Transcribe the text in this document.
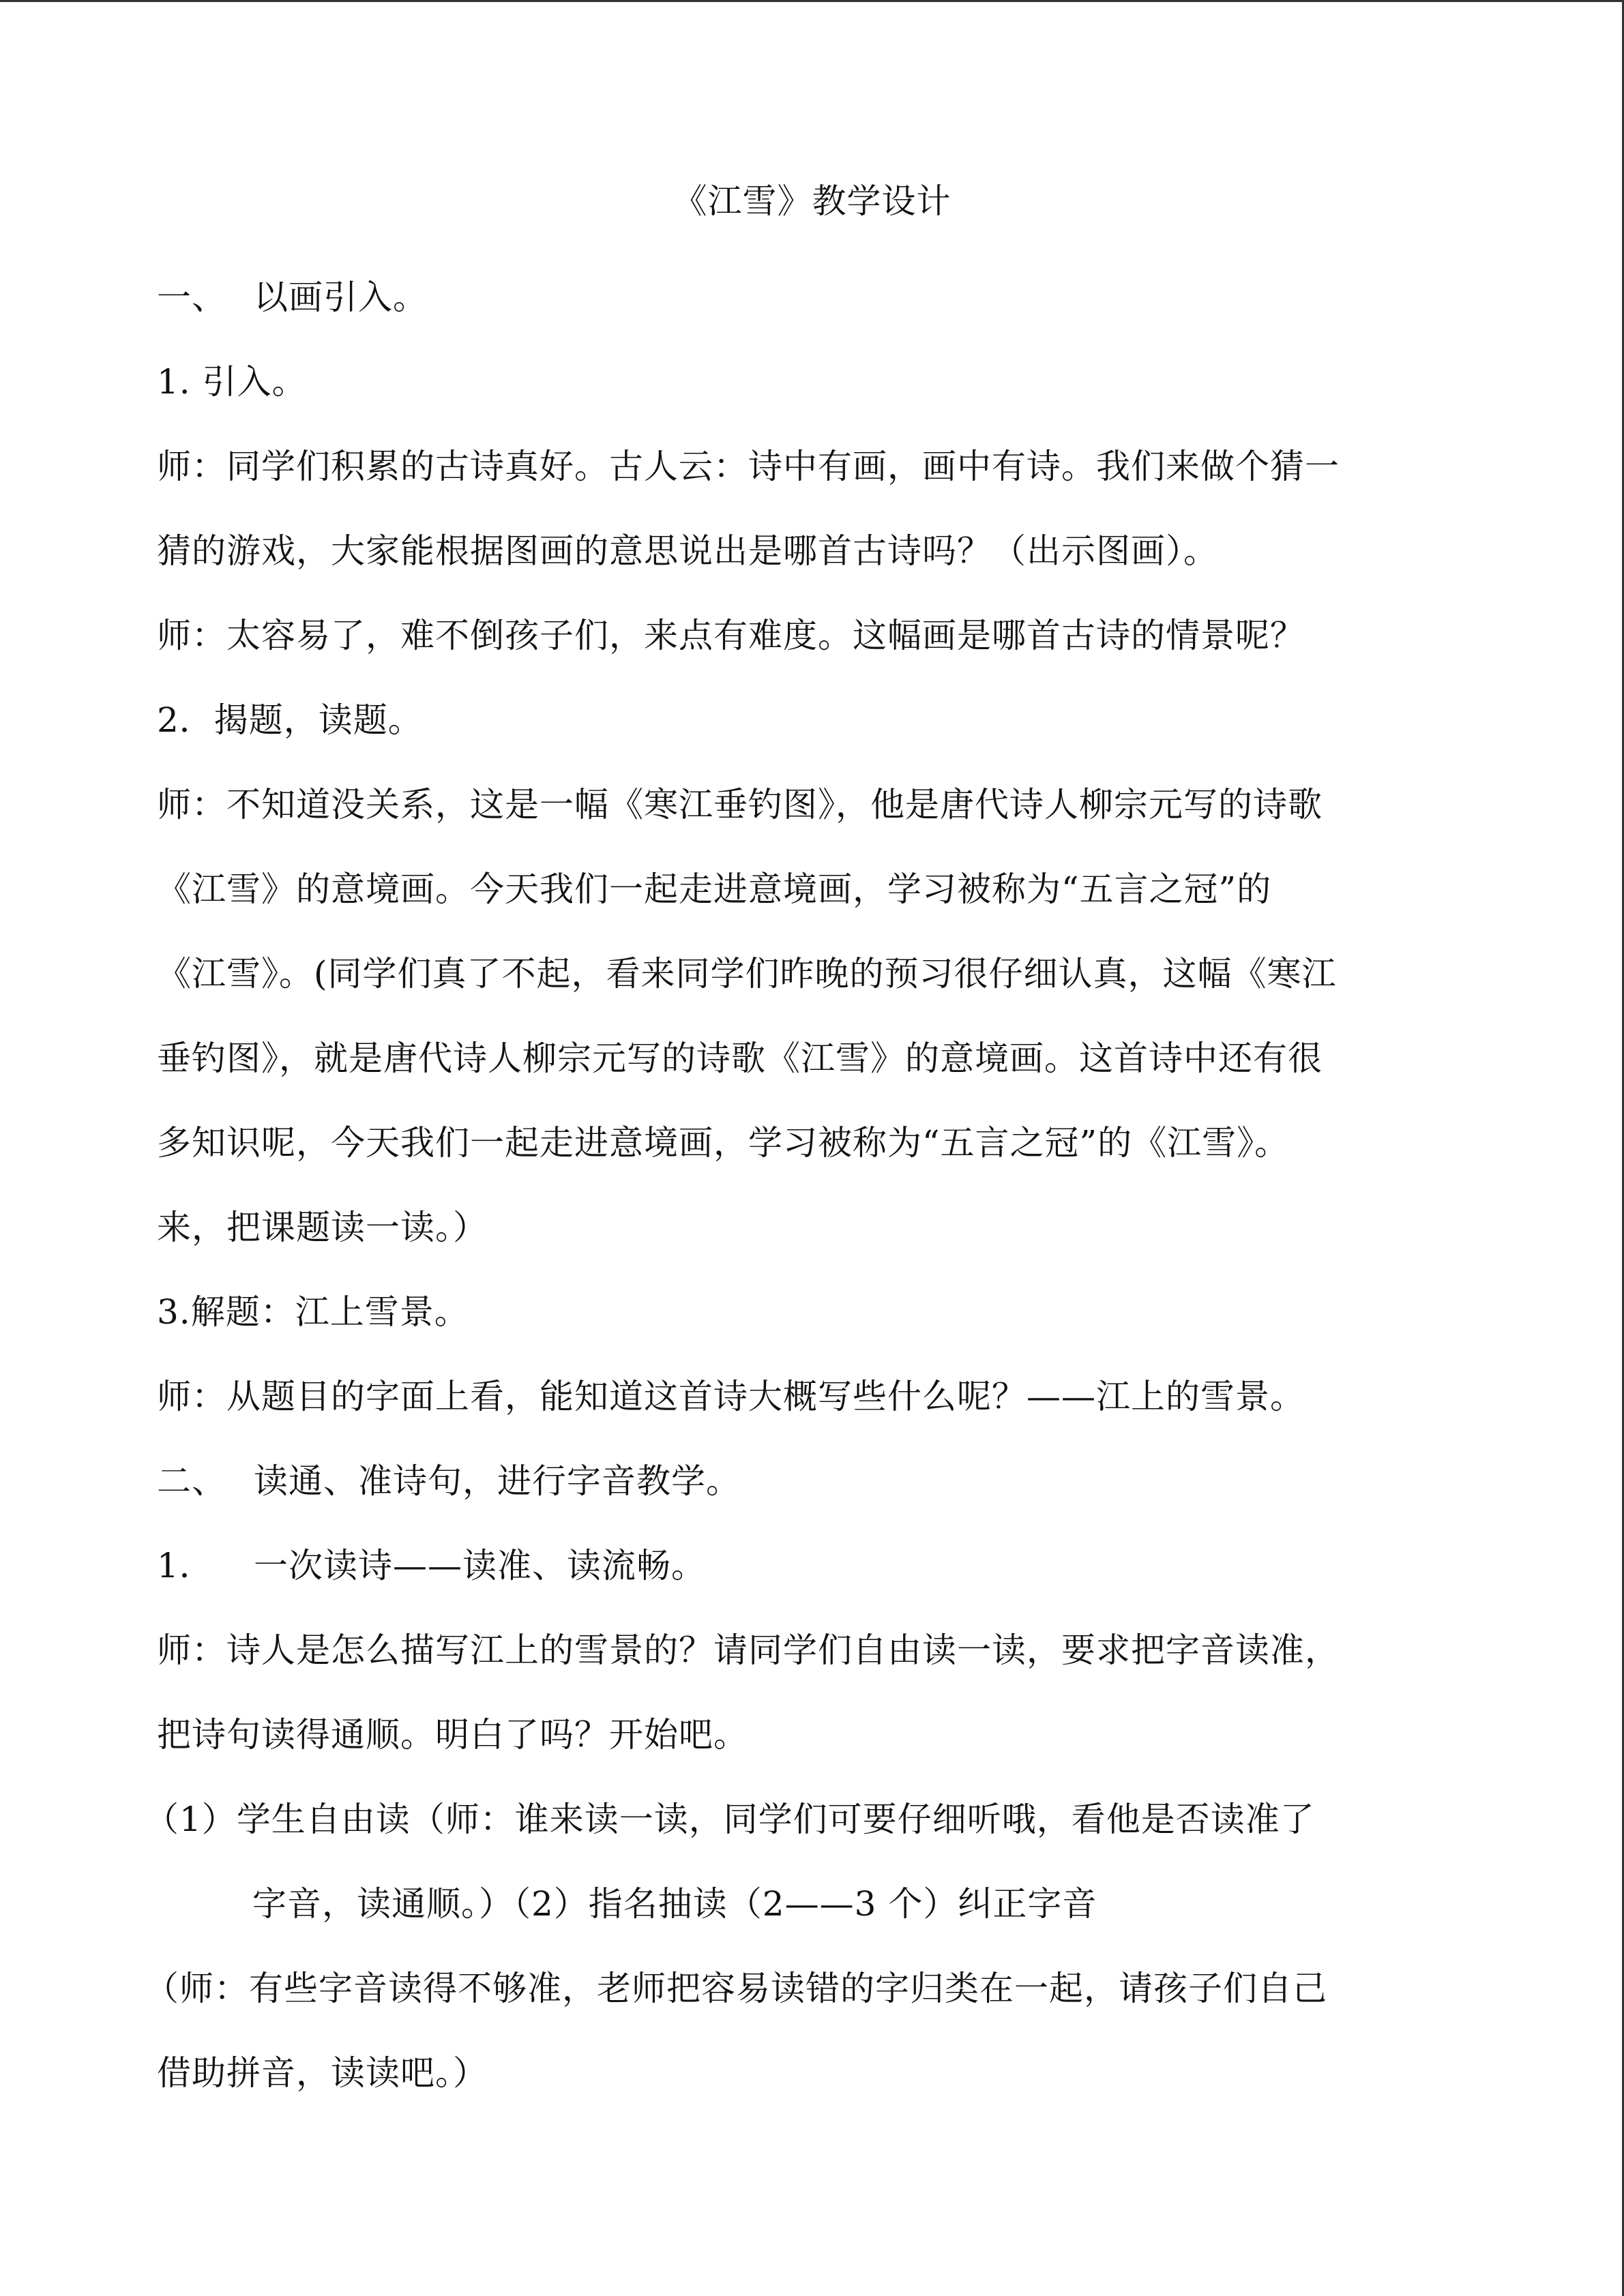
《江雪》教学设计
一、 以画引入。
1. 引入。
师：同学们积累的古诗真好。古人云：诗中有画，画中有诗。我们来做个猜一
猜的游戏，大家能根据图画的意思说出是哪首古诗吗？（出示图画）。
师：太容易了，难不倒孩子们，来点有难度。这幅画是哪首古诗的情景呢？
2．揭题，读题。
师：不知道没关系，这是一幅《寒江垂钓图》，他是唐代诗人柳宗元写的诗歌
《江雪》的意境画。今天我们一起走进意境画，学习被称为“五言之冠”的
《江雪》。(同学们真了不起，看来同学们昨晚的预习很仔细认真，这幅《寒江
垂钓图》，就是唐代诗人柳宗元写的诗歌《江雪》的意境画。这首诗中还有很
多知识呢，今天我们一起走进意境画，学习被称为“五言之冠”的《江雪》。
来，把课题读一读。）
3.解题：江上雪景。
师：从题目的字面上看，能知道这首诗大概写些什么呢？——江上的雪景。
二、 读通、准诗句，进行字音教学。
1． 一次读诗——读准、读流畅。
师：诗人是怎么描写江上的雪景的？请同学们自由读一读，要求把字音读准，
把诗句读得通顺。明白了吗？开始吧。
（1）学生自由读（师：谁来读一读，同学们可要仔细听哦，看他是否读准了
字音，读通顺。）（2）指名抽读（2——3 个）纠正字音
（师：有些字音读得不够准，老师把容易读错的字归类在一起，请孩子们自己
借助拼音，读读吧。）
